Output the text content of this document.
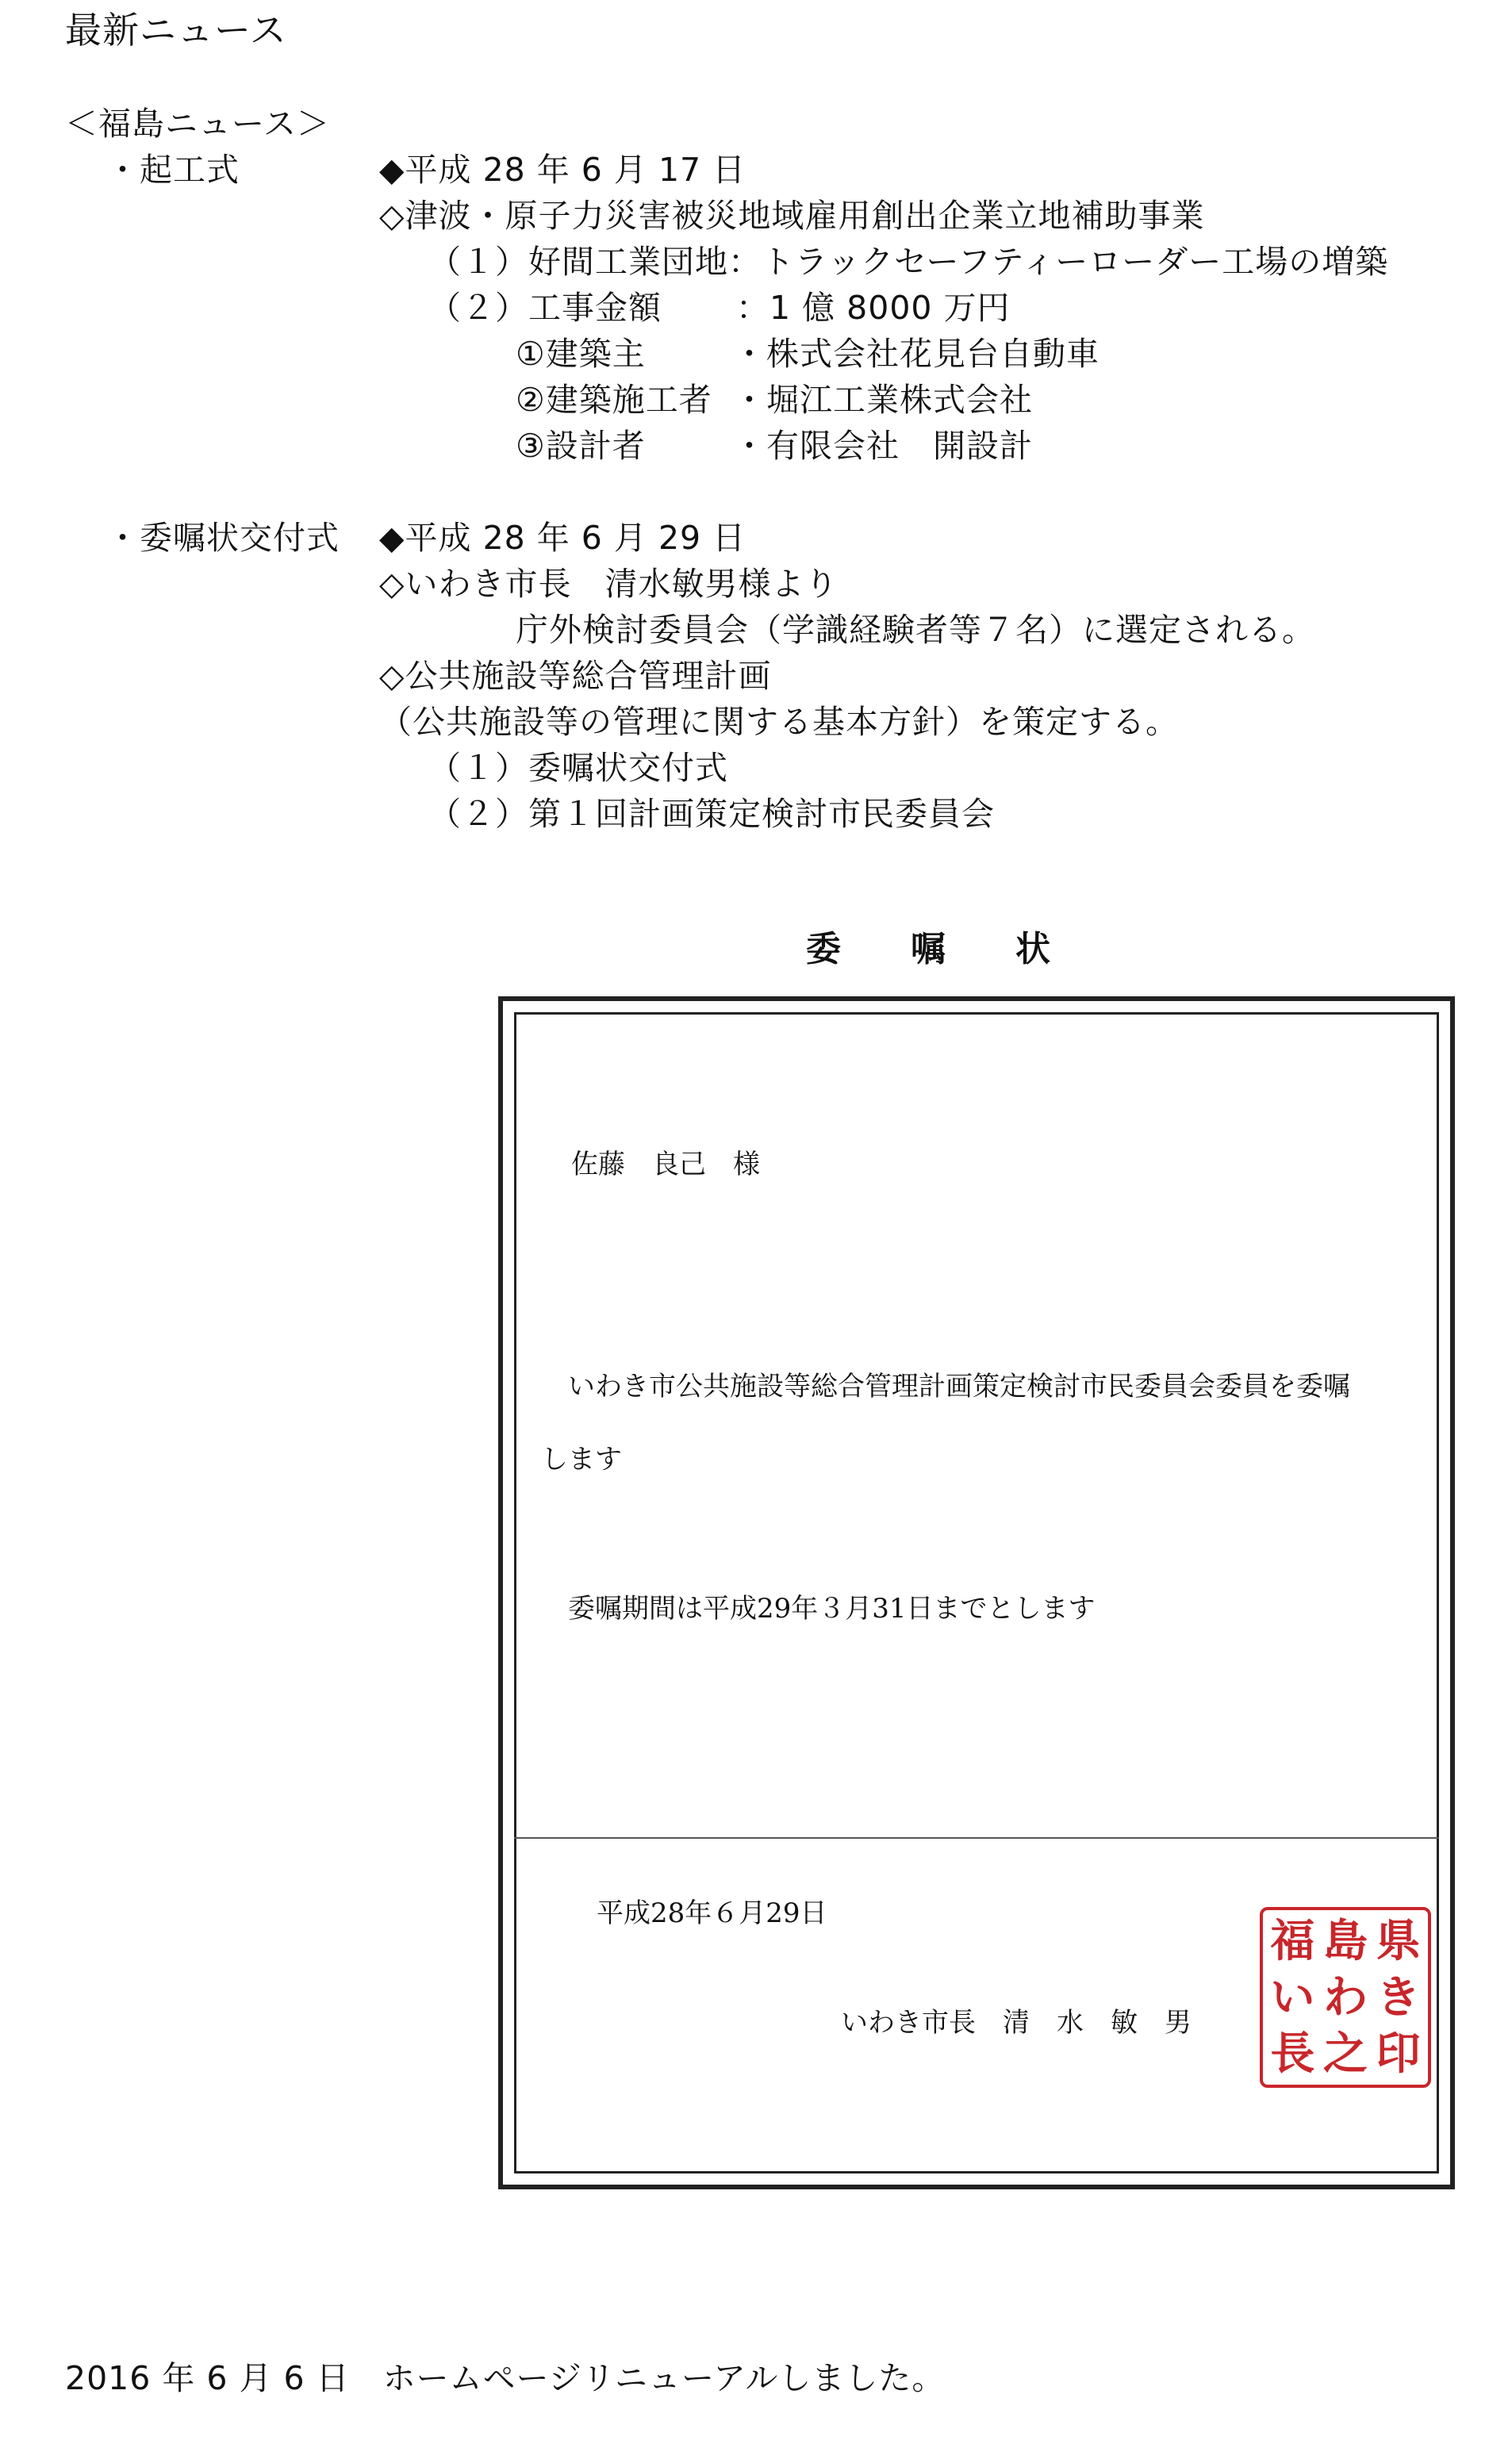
最新ニュース
＜福島ニュース＞
・起工式	◆平成 28 年 6 月 17 日
◇津波・原子力災害被災地域雇用創出企業立地補助事業
（１）好間工業団地：トラックセーフティーローダー工場の増築
（２）工事金額 ：1 億 8000 万円
①建築主	・株式会社花見台自動車
②建築施工者 ・堀江工業株式会社
③設計者	・有限会社　開設計
・委嘱状交付式 ◆平成 28 年 6 月 29 日
◇いわき市長　清水敏男様より
庁外検討委員会（学識経験者等７名）に選定される。
◇公共施設等総合管理計画
（公共施設等の管理に関する基本方針）を策定する。
（１）委嘱状交付式
（２）第１回計画策定検討市民委員会
委　　嘱　　状
佐藤　良己　様
いわき市公共施設等総合管理計画策定検討市民委員会委員を委嘱
します
委嘱期間は平成29年３月31日までとします
平成28年６月29日
いわき市長　清　水　敏　男
福 島 県
い わ き
長 之 印
2016 年 6 月 6 日　ホームページリニューアルしました。
